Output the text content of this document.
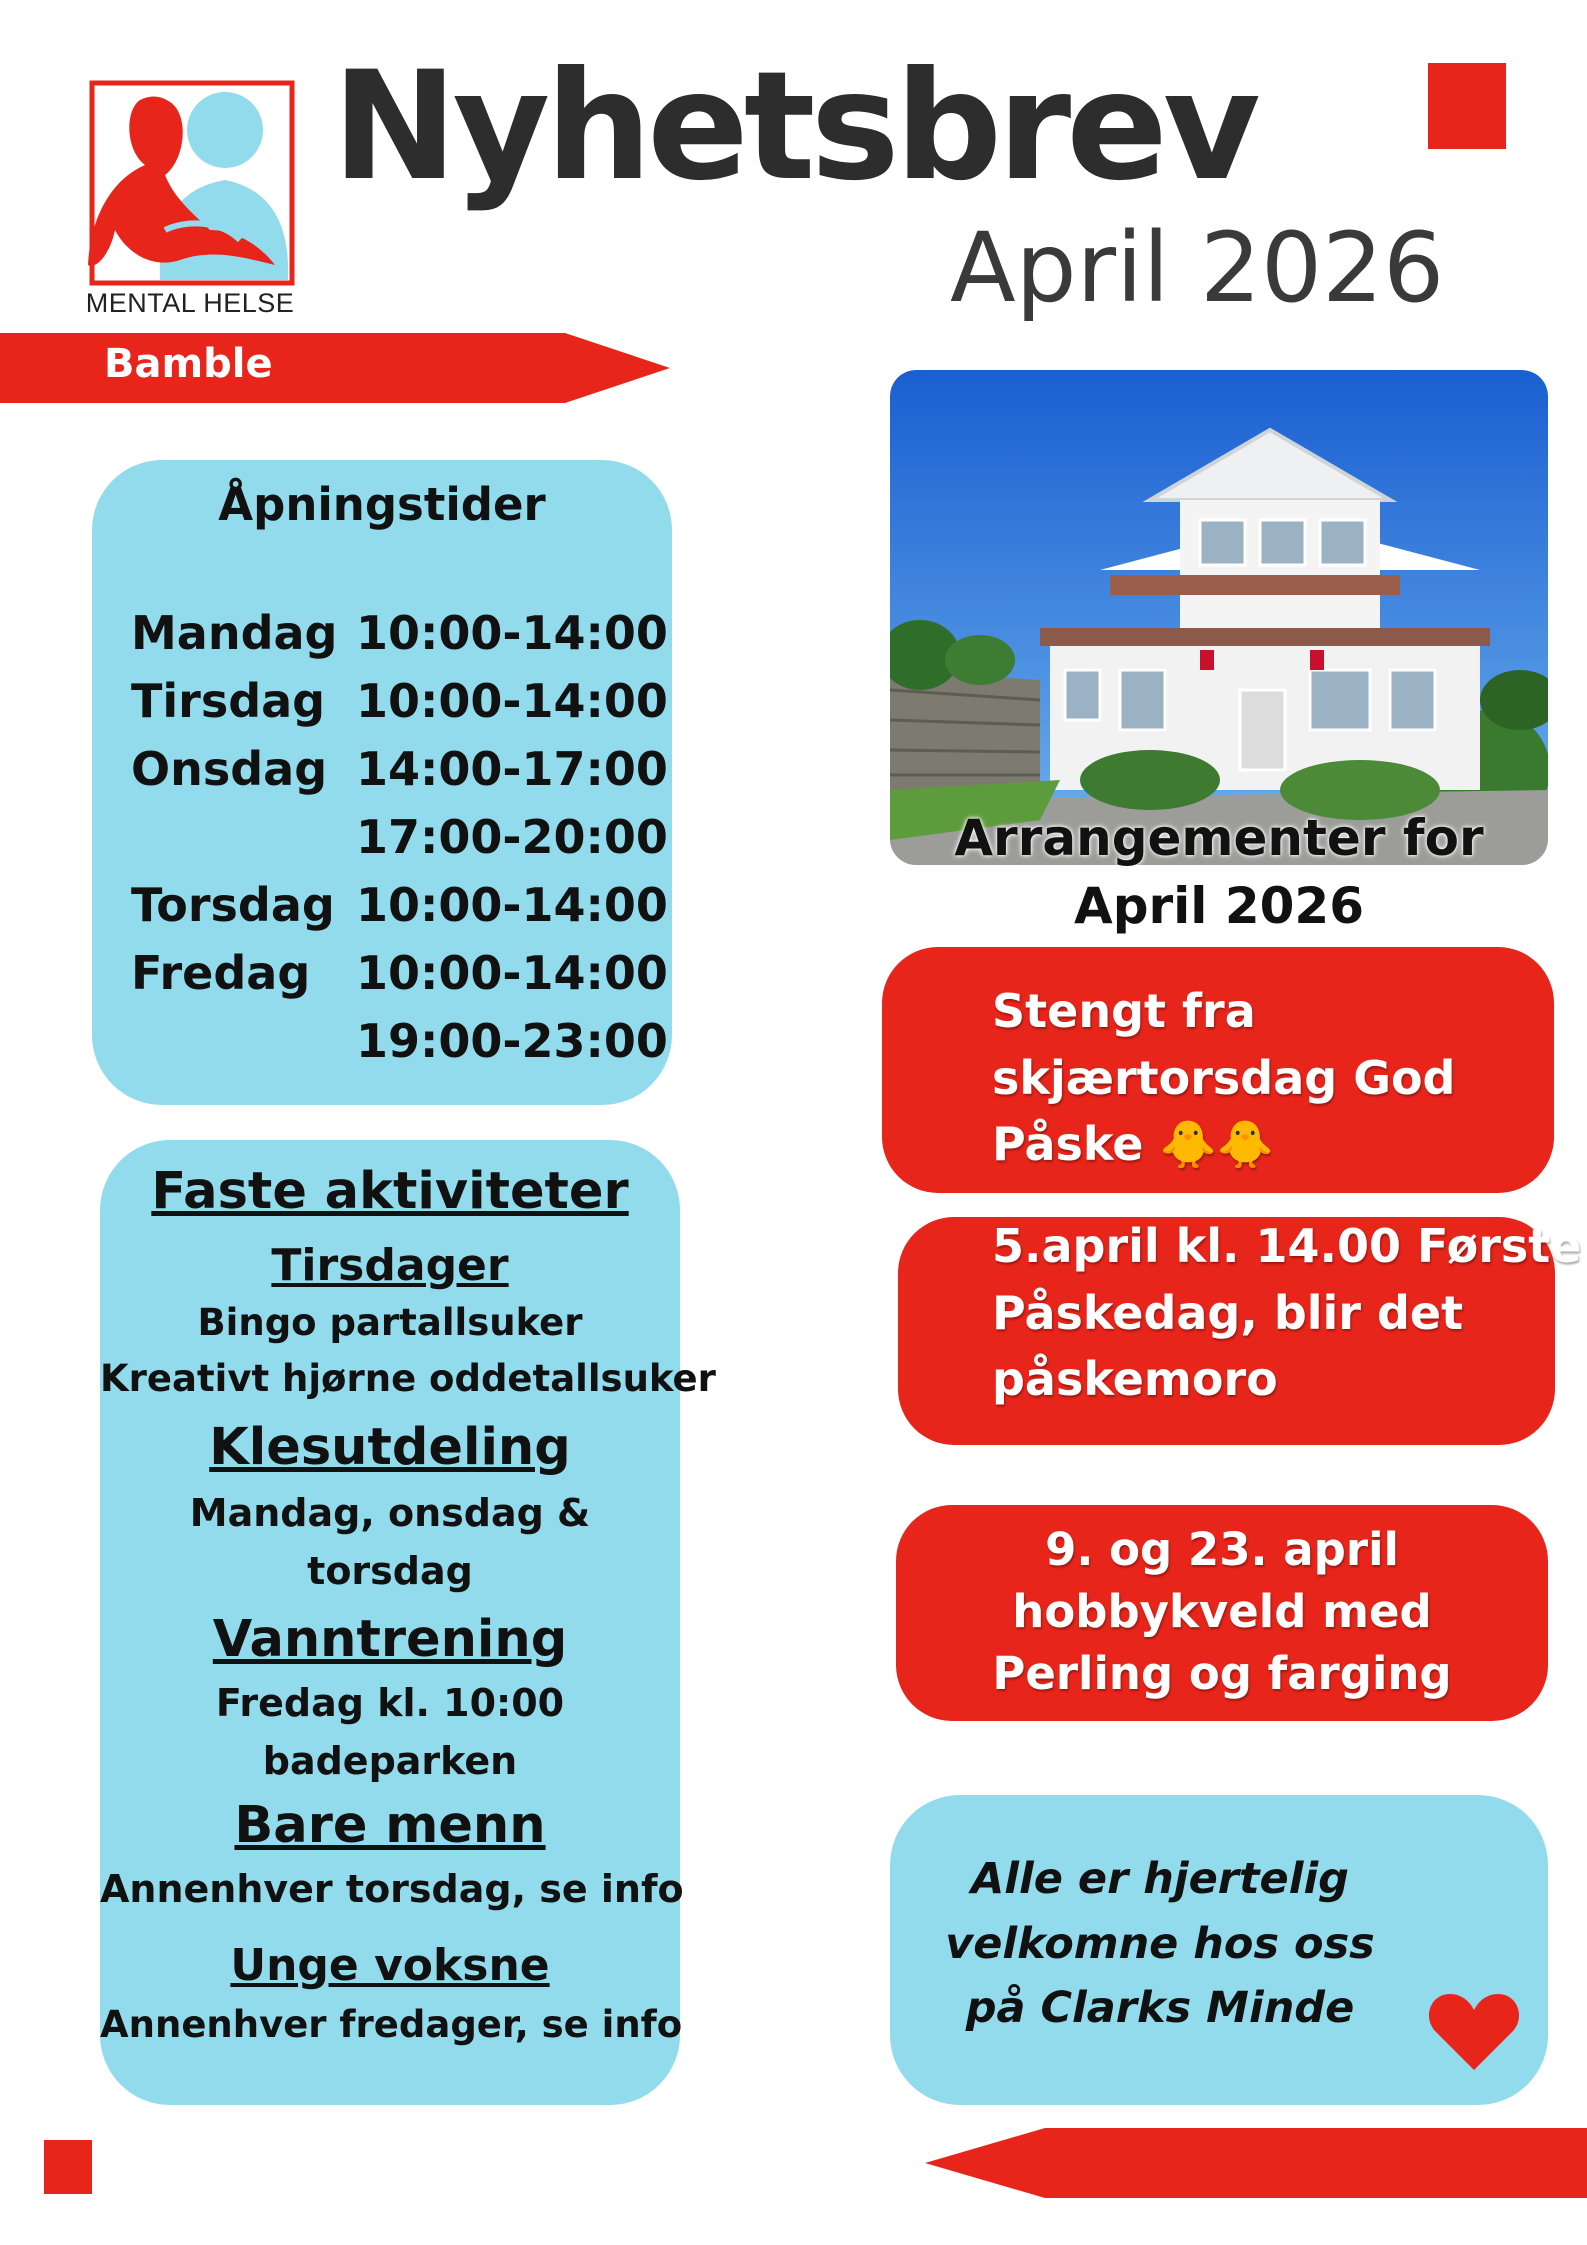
MENTAL HELSE
Nyhetsbrev
April 2026
Bamble
Åpningstider
Mandag 10:00-14:00
Tirsdag 10:00-14:00
Onsdag 14:00-17:00
17:00-20:00
Torsdag 10:00-14:00
Fredag 10:00-14:00
19:00-23:00
Faste aktiviteter
Tirsdager
Bingo partallsuker
Kreativt hjørne oddetallsuker
Klesutdeling
Mandag, onsdag &
torsdag
Vanntrening
Fredag kl. 10:00
badeparken
Bare menn
Annenhver torsdag, se info
Unge voksne
Annenhver fredager, se info
Arrangementer for
April 2026
Stengt fra
skjærtorsdag God
Påske 🐥🐥
5.april kl. 14.00 Første
Påskedag, blir det
påskemoro
9. og 23. april
hobbykveld med
Perling og farging
Alle er hjertelig
velkomne hos oss
på Clarks Minde
